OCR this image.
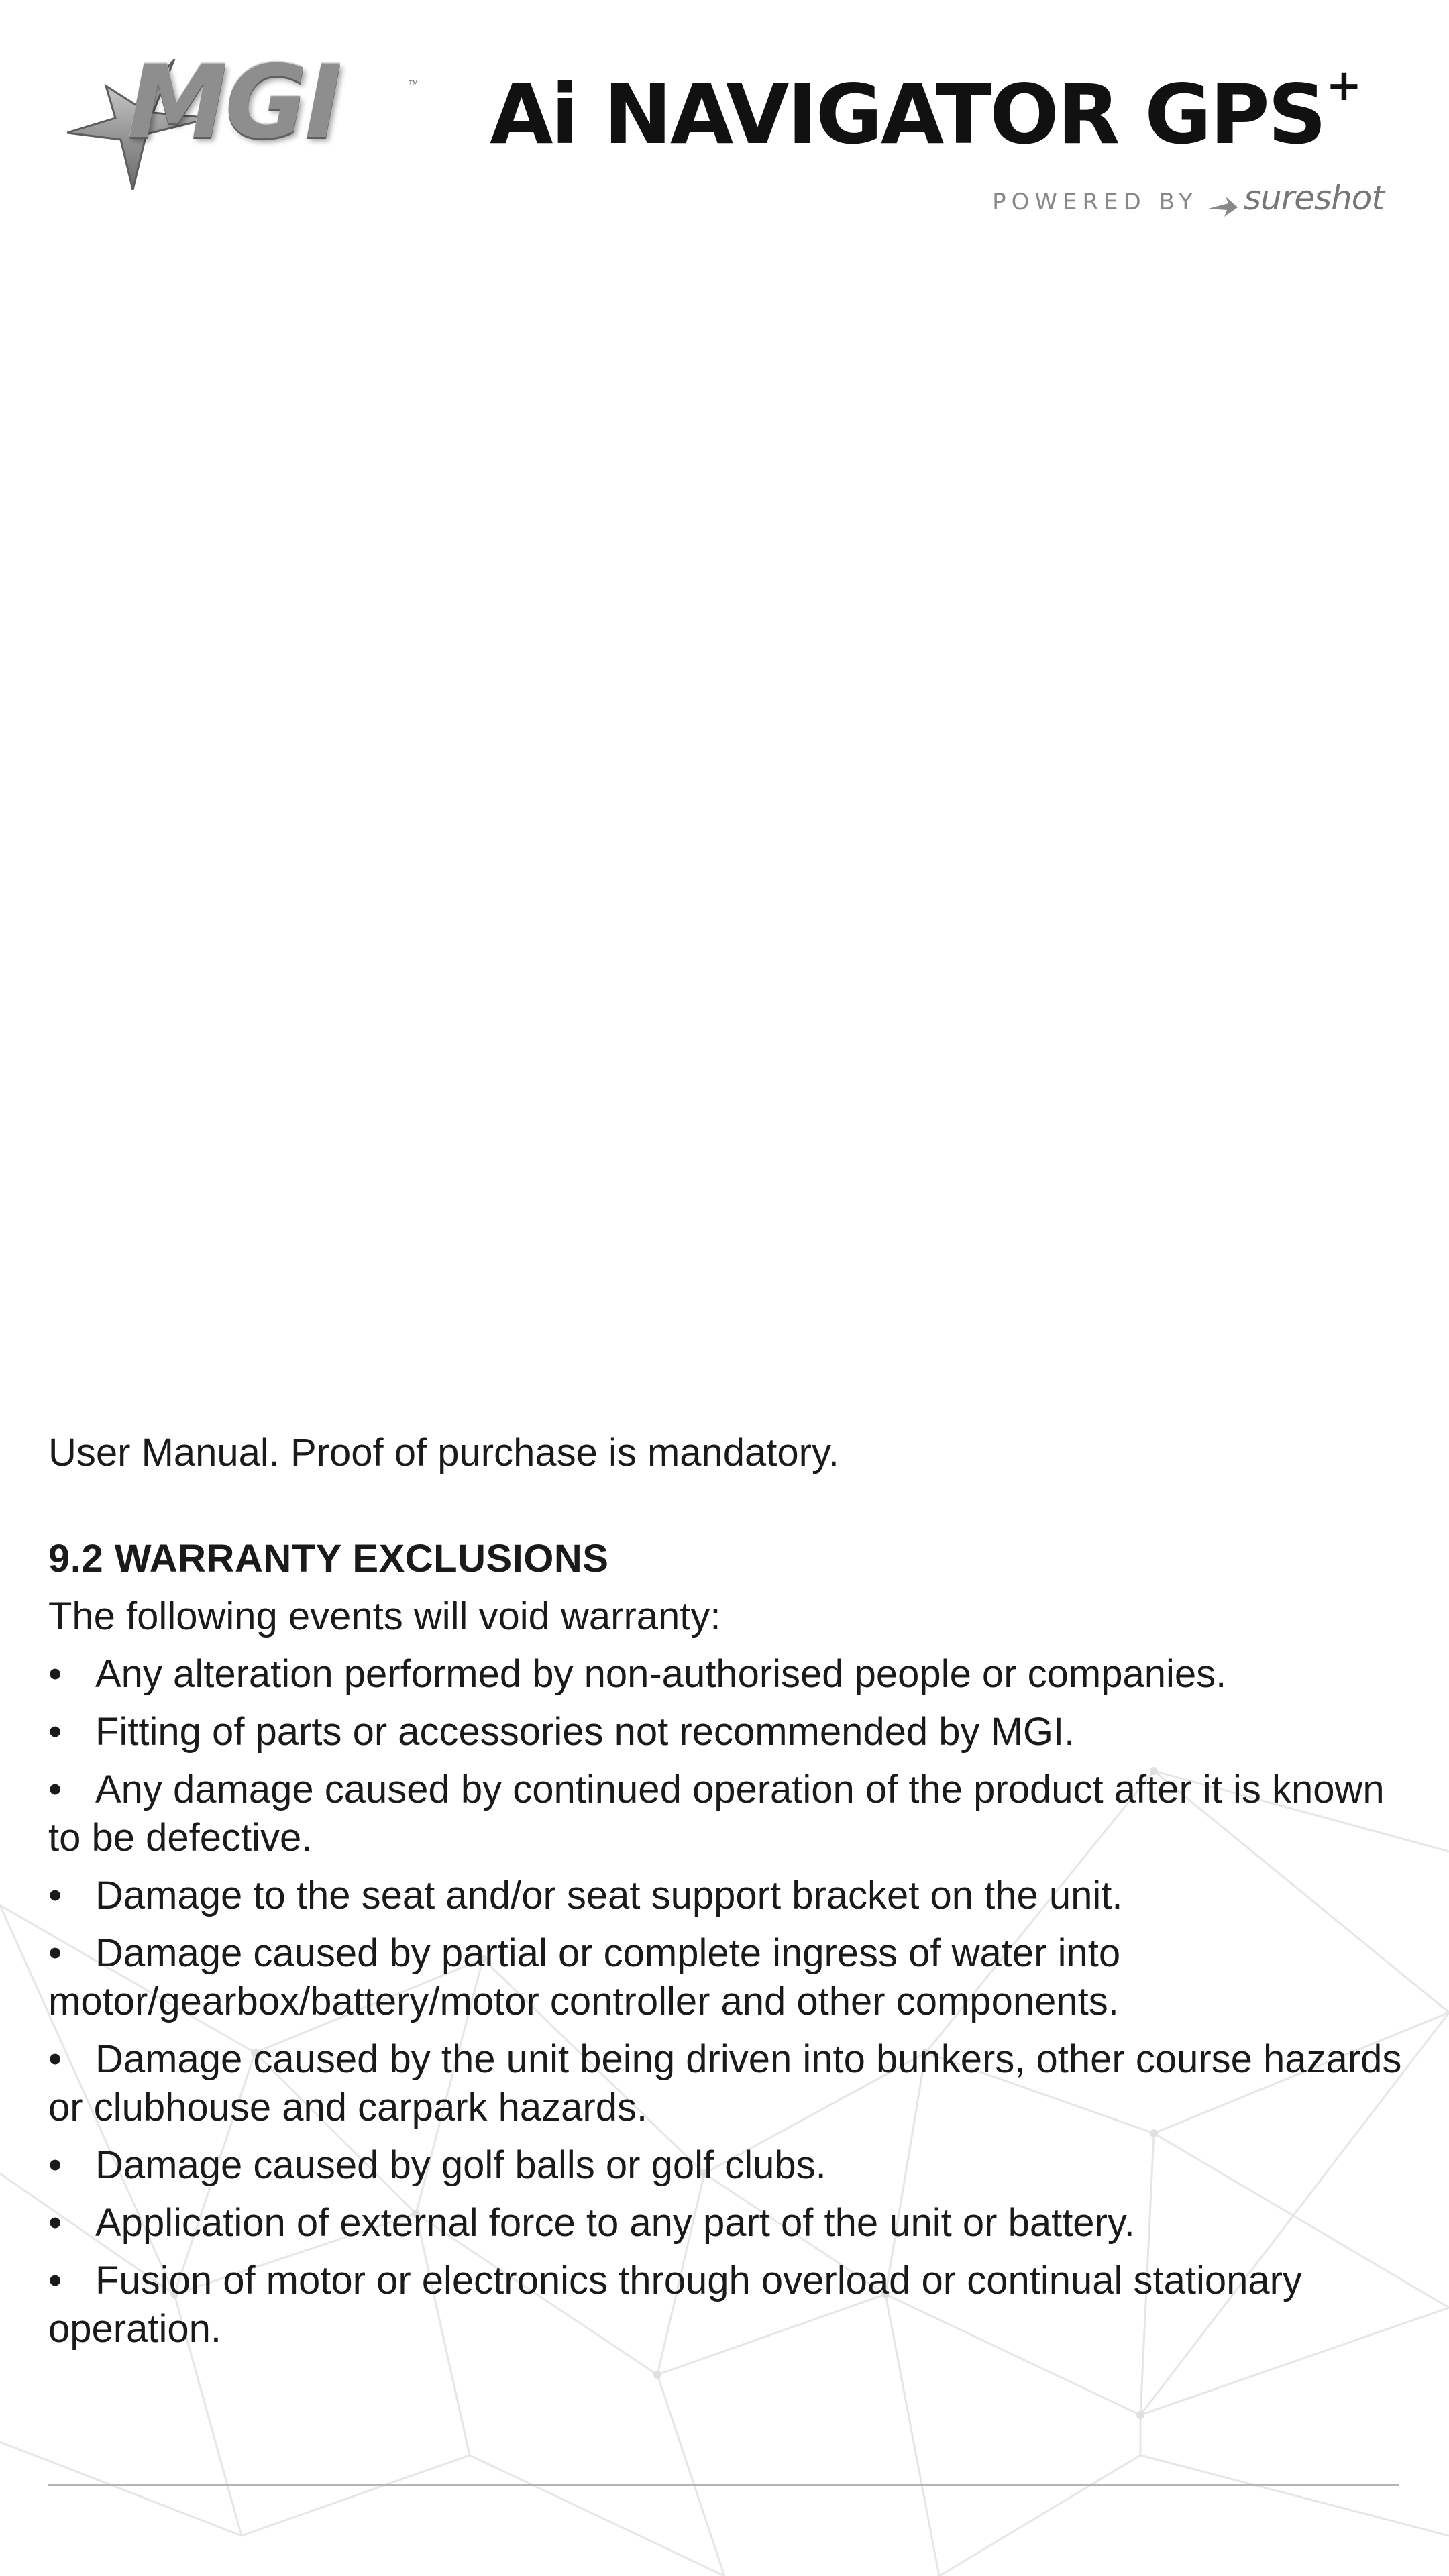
MGI	™ Ai NAVIGATOR GPS+
POWERED BY sureshot

User Manual. Proof of purchase is mandatory.

9.2 WARRANTY EXCLUSIONS

The following events will void warranty:

• Any alteration performed by non-authorised people or companies.
• Fitting of parts or accessories not recommended by MGI.
• Any damage caused by continued operation of the product after it is known to be defective.
• Damage to the seat and/or seat support bracket on the unit.
• Damage caused by partial or complete ingress of water into motor/gearbox/battery/motor controller and other components.
• Damage caused by the unit being driven into bunkers, other course hazards or clubhouse and carpark hazards.
• Damage caused by golf balls or golf clubs.
• Application of external force to any part of the unit or battery.
• Fusion of motor or electronics through overload or continual stationary operation.
